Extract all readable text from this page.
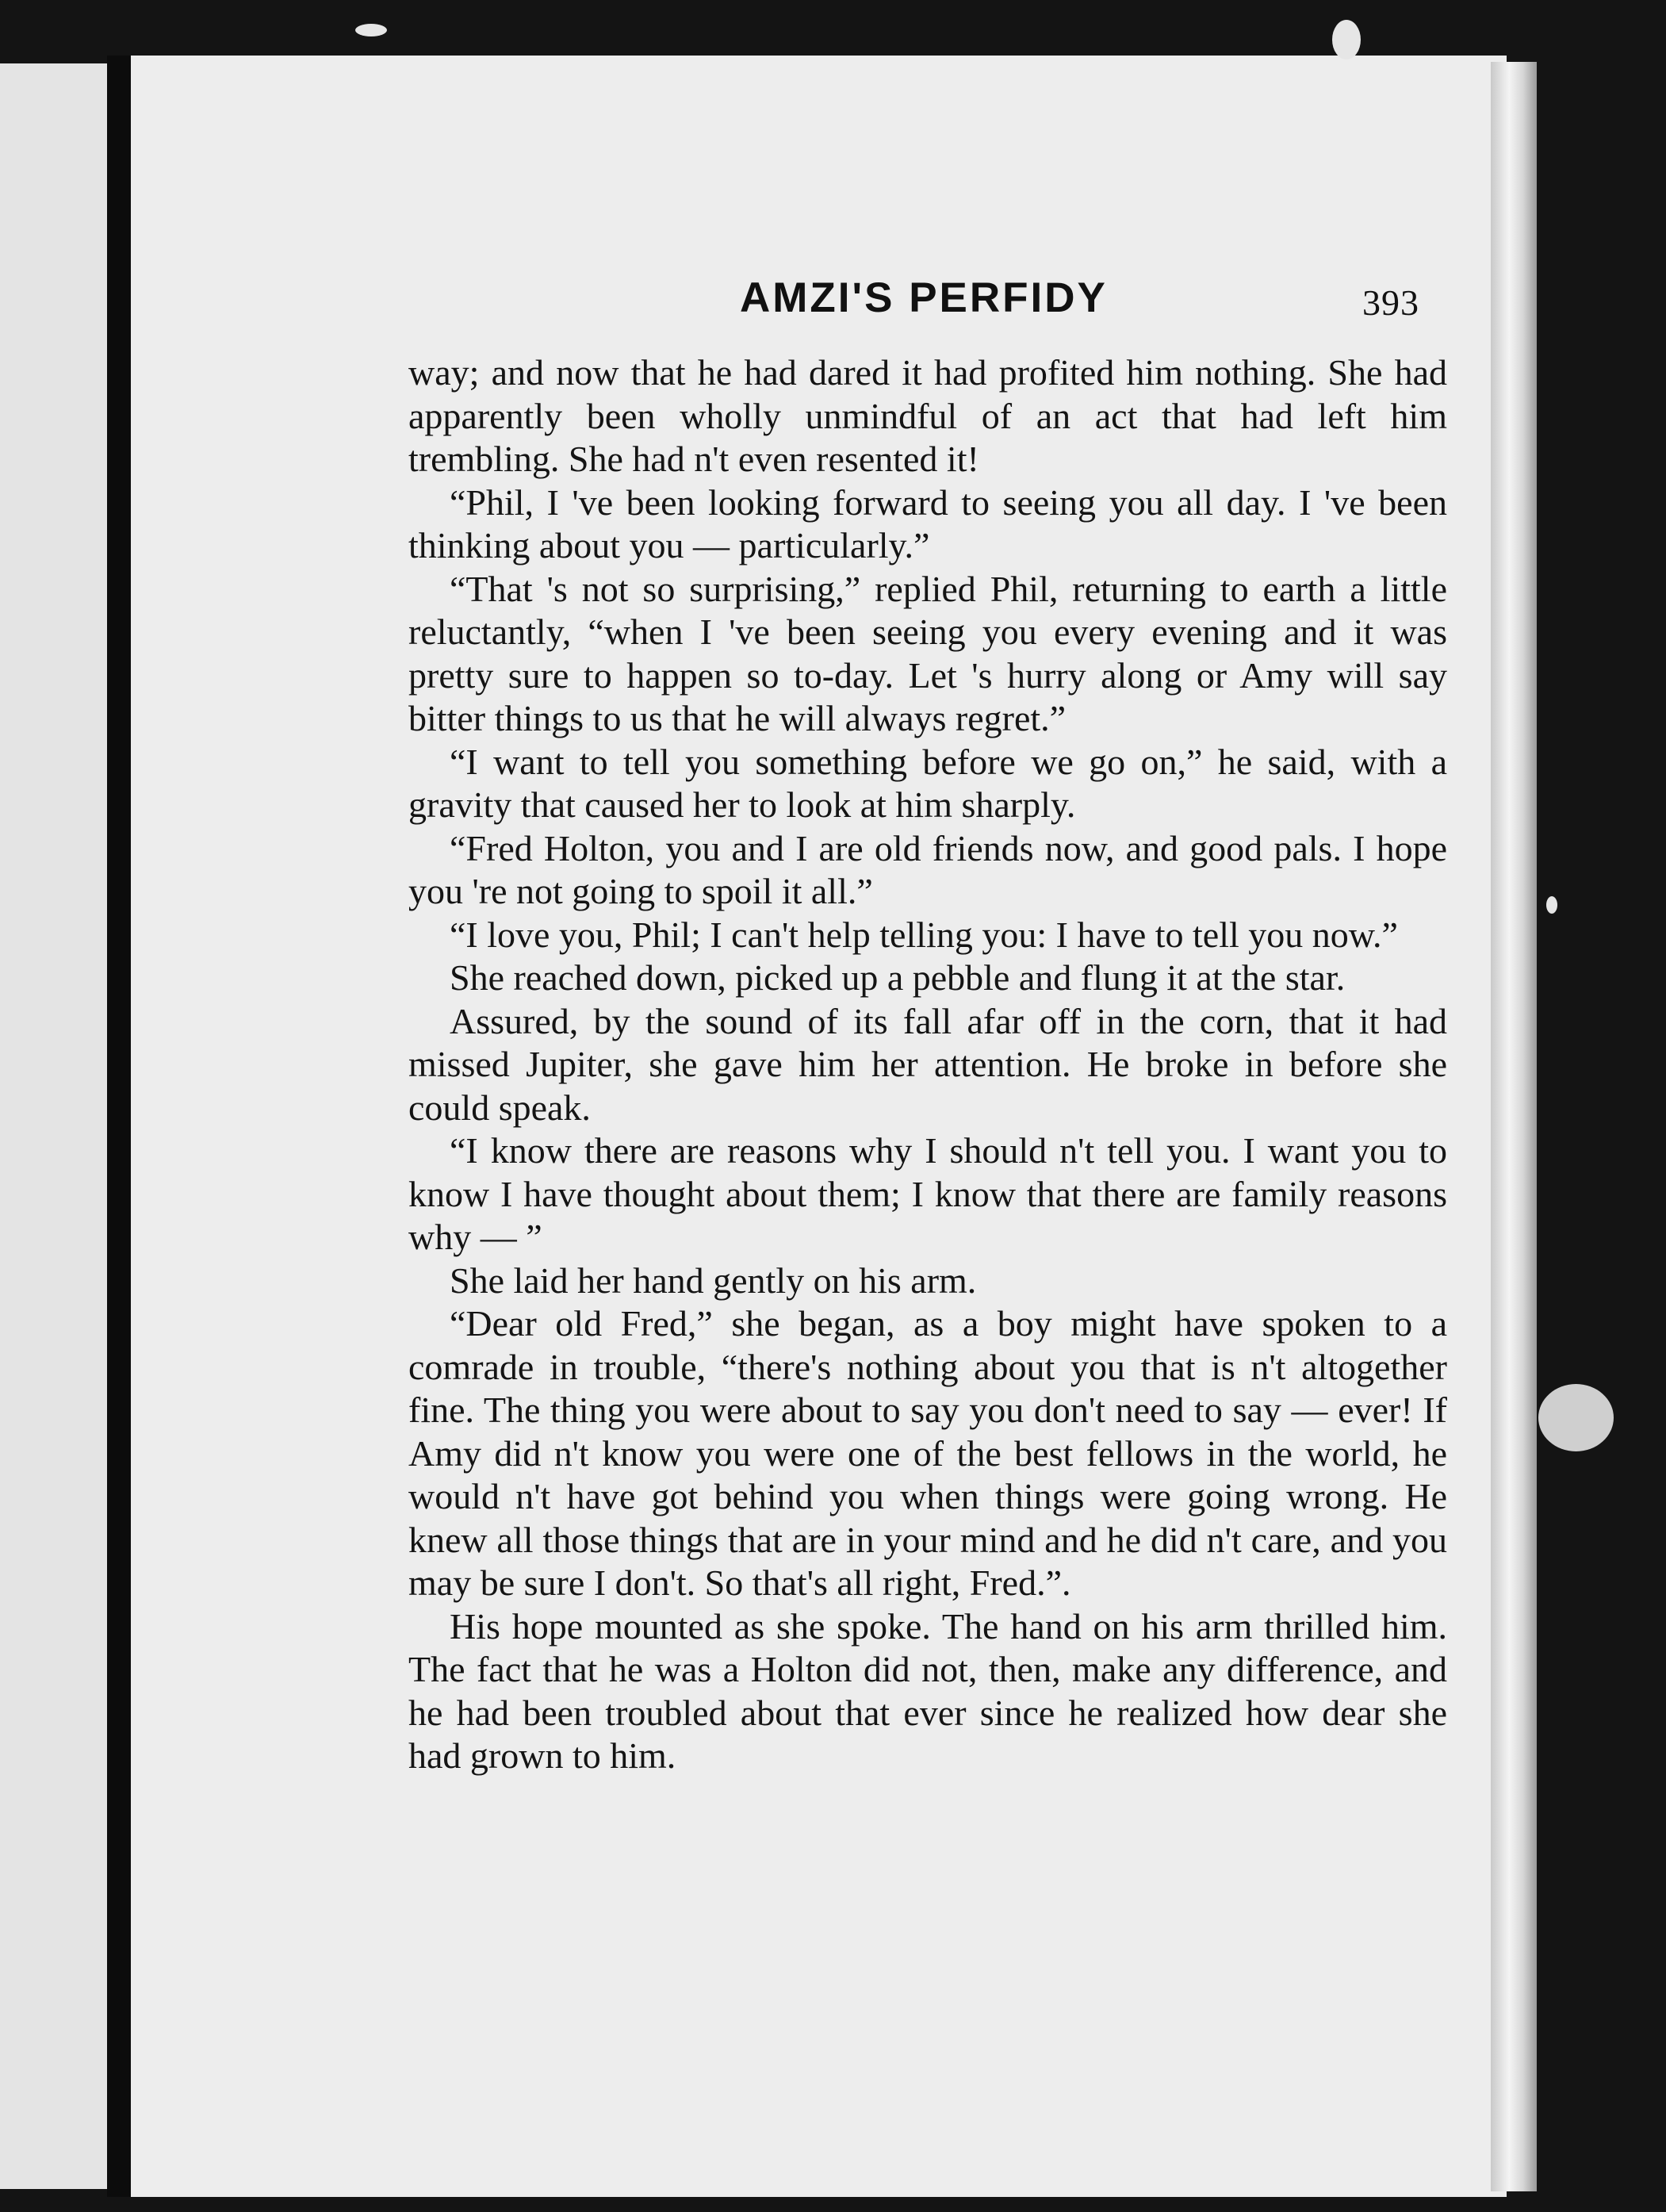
AMZI'S PERFIDY	393

way; and now that he had dared it had profited him nothing. She had apparently been wholly unmindful of an act that had left him trembling. She had n't even resented it!

“Phil, I 've been looking forward to seeing you all day. I 've been thinking about you — particularly.”

“That 's not so surprising,” replied Phil, returning to earth a little reluctantly, “when I 've been seeing you every evening and it was pretty sure to happen so to-day. Let 's hurry along or Amy will say bitter things to us that he will always regret.”

“I want to tell you something before we go on,” he said, with a gravity that caused her to look at him sharply.

“Fred Holton, you and I are old friends now, and good pals. I hope you 're not going to spoil it all.”

“I love you, Phil; I can't help telling you: I have to tell you now.”

She reached down, picked up a pebble and flung it at the star.

Assured, by the sound of its fall afar off in the corn, that it had missed Jupiter, she gave him her attention. He broke in before she could speak.

“I know there are reasons why I should n't tell you. I want you to know I have thought about them; I know that there are family reasons why — ”

She laid her hand gently on his arm.

“Dear old Fred,” she began, as a boy might have spoken to a comrade in trouble, “there's nothing about you that is n't altogether fine. The thing you were about to say you don't need to say — ever! If Amy did n't know you were one of the best fellows in the world, he would n't have got behind you when things were going wrong. He knew all those things that are in your mind and he did n't care, and you may be sure I don't. So that's all right, Fred.”.

His hope mounted as she spoke. The hand on his arm thrilled him. The fact that he was a Holton did not, then, make any difference, and he had been troubled about that ever since he realized how dear she had grown to him.
